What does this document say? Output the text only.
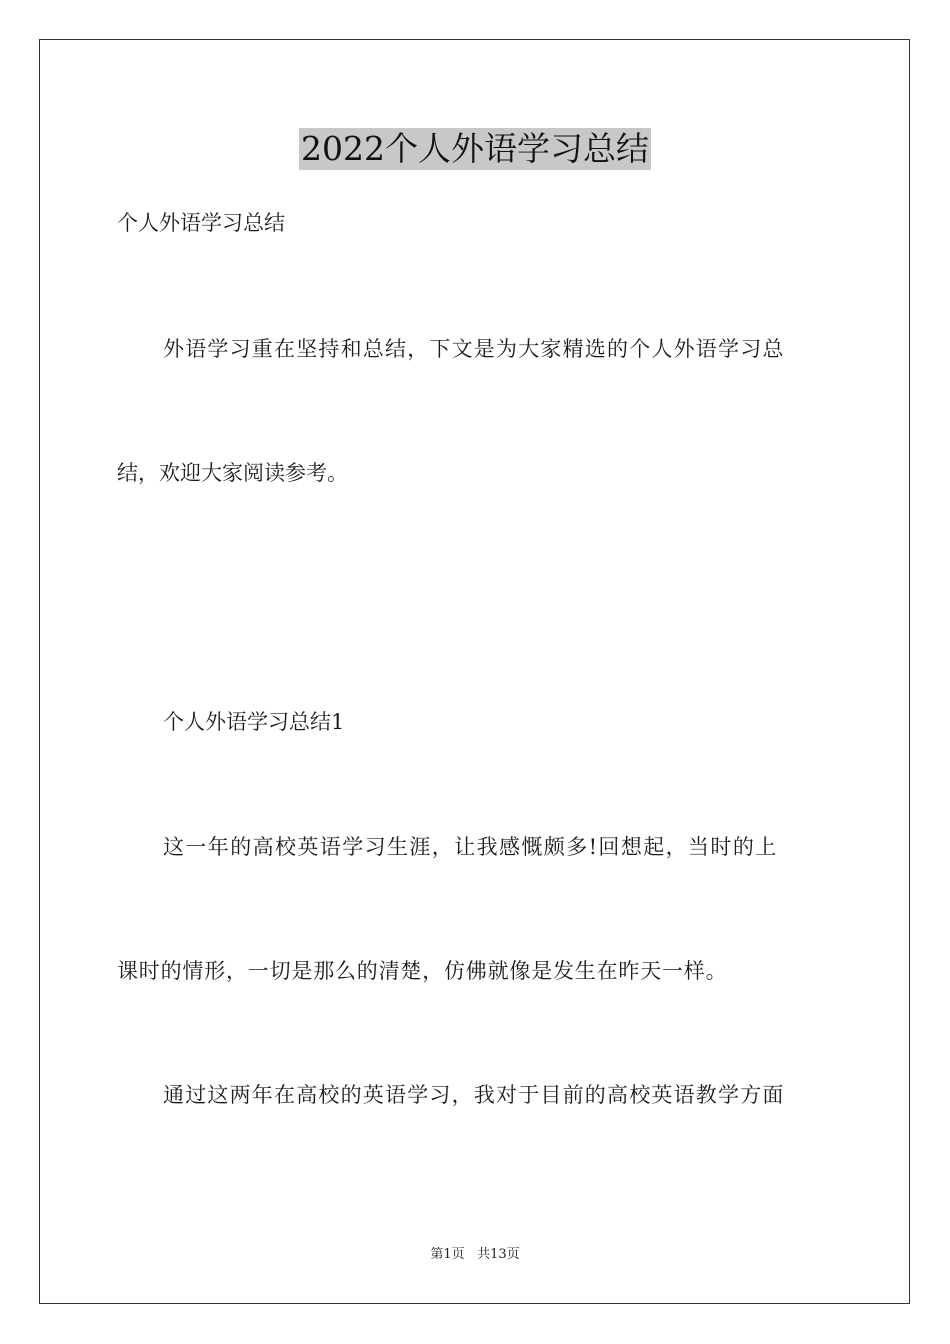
2022个人外语学习总结
个人外语学习总结
外语学习重在坚持和总结，下文是为大家精选的个人外语学习总
结，欢迎大家阅读参考。
个人外语学习总结1
这一年的高校英语学习生涯，让我感慨颇多!回想起，当时的上
课时的情形，一切是那么的清楚，仿佛就像是发生在昨天一样。
通过这两年在高校的英语学习，我对于目前的高校英语教学方面
第1页 共13页
